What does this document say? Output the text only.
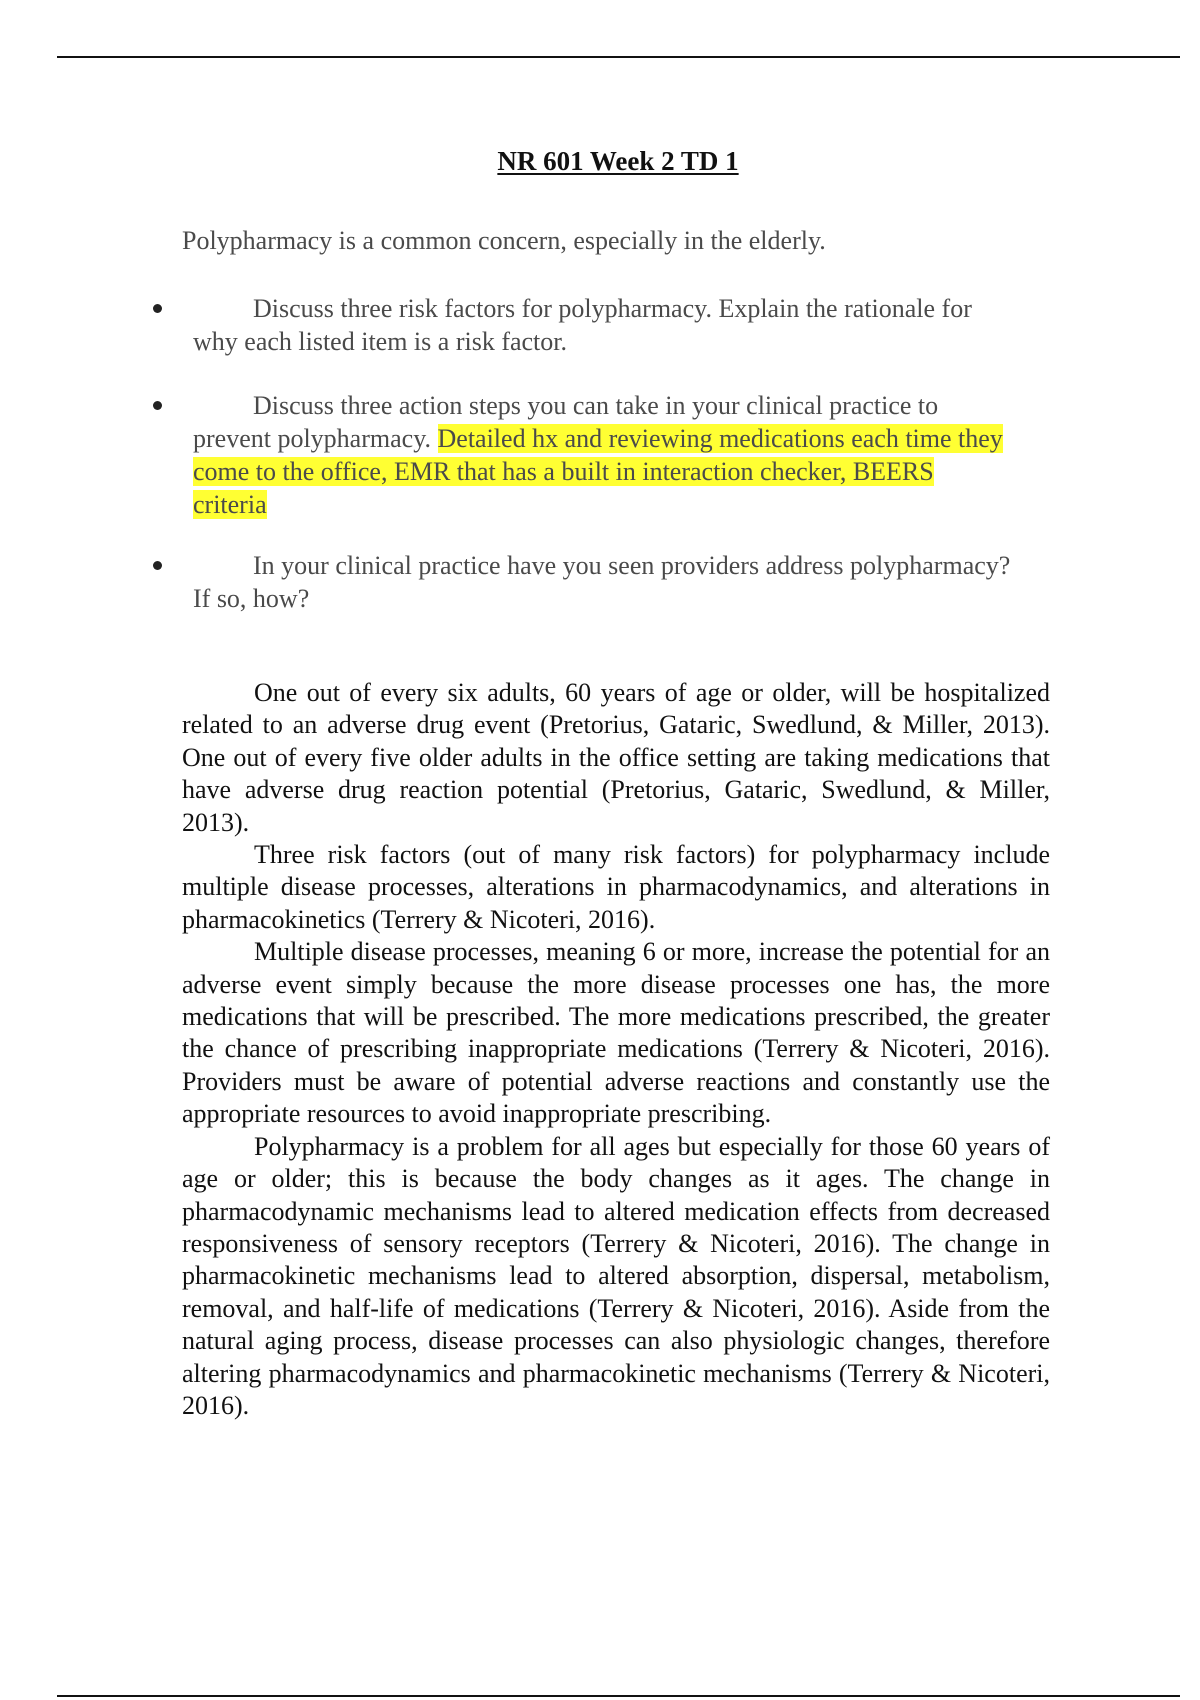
NR 601 Week 2 TD 1
Polypharmacy is a common concern, especially in the elderly.
Discuss three risk factors for polypharmacy. Explain the rationale for why each listed item is a risk factor.
Discuss three action steps you can take in your clinical practice to prevent polypharmacy. Detailed hx and reviewing medications each time they come to the office, EMR that has a built in interaction checker, BEERS criteria
In your clinical practice have you seen providers address polypharmacy? If so, how?

One out of every six adults, 60 years of age or older, will be hospitalized related to an adverse drug event (Pretorius, Gataric, Swedlund, & Miller, 2013). One out of every five older adults in the office setting are taking medications that have adverse drug reaction potential (Pretorius, Gataric, Swedlund, & Miller, 2013).

Three risk factors (out of many risk factors) for polypharmacy include multiple disease processes, alterations in pharmacodynamics, and alterations in pharmacokinetics (Terrery & Nicoteri, 2016).

Multiple disease processes, meaning 6 or more, increase the potential for an adverse event simply because the more disease processes one has, the more medications that will be prescribed. The more medications prescribed, the greater the chance of prescribing inappropriate medications (Terrery & Nicoteri, 2016). Providers must be aware of potential adverse reactions and constantly use the appropriate resources to avoid inappropriate prescribing.

Polypharmacy is a problem for all ages but especially for those 60 years of age or older; this is because the body changes as it ages. The change in pharmacodynamic mechanisms lead to altered medication effects from decreased responsiveness of sensory receptors (Terrery & Nicoteri, 2016). The change in pharmacokinetic mechanisms lead to altered absorption, dispersal, metabolism, removal, and half-life of medications (Terrery & Nicoteri, 2016). Aside from the natural aging process, disease processes can also physiologic changes, therefore altering pharmacodynamics and pharmacokinetic mechanisms (Terrery & Nicoteri, 2016).
